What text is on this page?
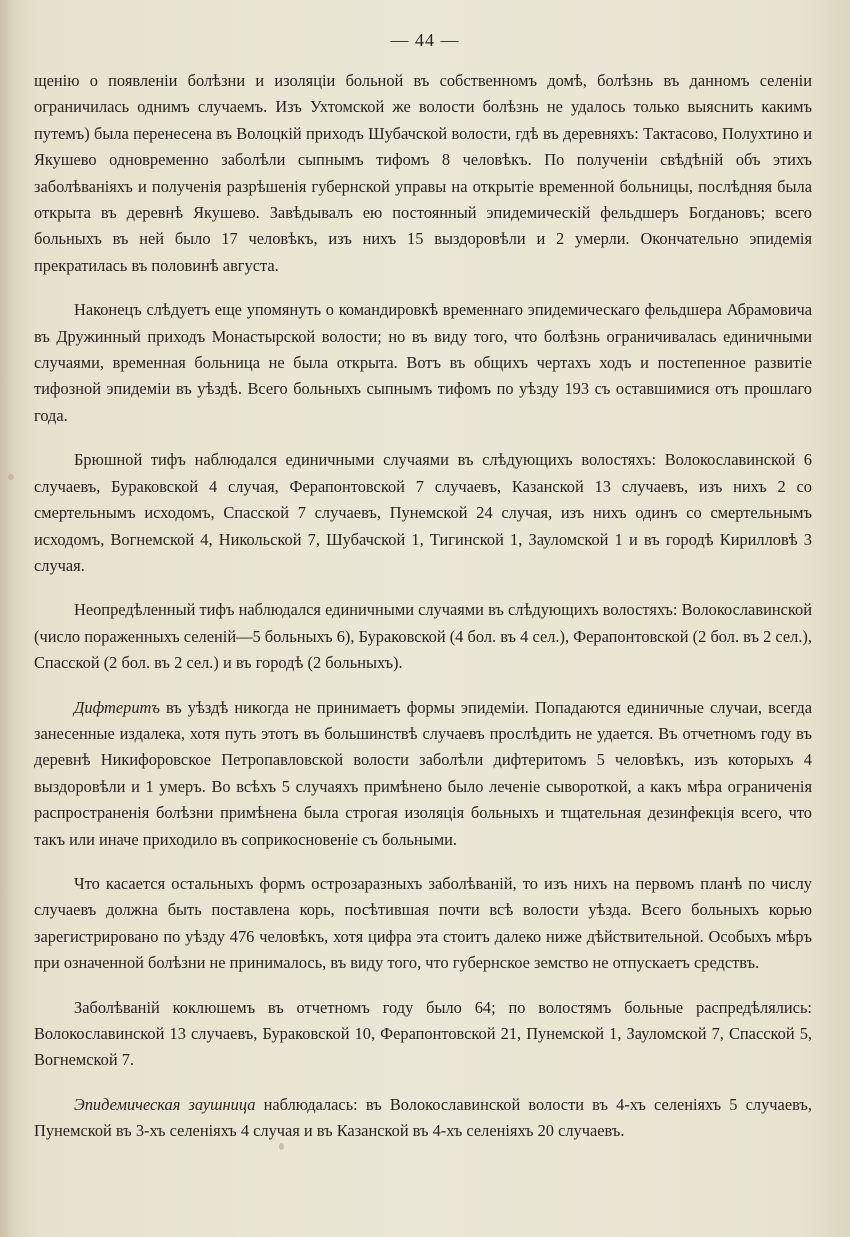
— 44 —

щенію о появленіи болѣзни и изоляціи больной въ собственномъ домѣ, болѣзнь въ данномъ селеніи ограничилась однимъ случаемъ. Изъ Ухтомской же волости болѣзнь не удалось только выяснить какимъ путемъ) была перенесена въ Волоцкій приходъ Шубачской волости, гдѣ въ деревняхъ: Тактасово, Полухтино и Якушево одновременно заболѣли сыпнымъ тифомъ 8 человѣкъ. По полученіи свѣдѣній объ этихъ заболѣваніяхъ и полученія разрѣшенія губернской управы на открытіе временной больницы, послѣдняя была открыта въ деревнѣ Якушево. Завѣдывалъ ею постоянный эпидемическій фельдшеръ Богдановъ; всего больныхъ въ ней было 17 человѣкъ, изъ нихъ 15 выздоровѣли и 2 умерли. Окончательно эпидемія прекратилась въ половинѣ августа.

Наконецъ слѣдуетъ еще упомянуть о командировкѣ временнаго эпидемическаго фельдшера Абрамовича въ Дружинный приходъ Монастырской волости; но въ виду того, что болѣзнь ограничивалась единичными случаями, временная больница не была открыта. Вотъ въ общихъ чертахъ ходъ и постепенное развитіе тифозной эпидеміи въ уѣздѣ. Всего больныхъ сыпнымъ тифомъ по уѣзду 193 съ оставшимися отъ прошлаго года.

Брюшной тифъ наблюдался единичными случаями въ слѣдующихъ волостяхъ: Волокославинской 6 случаевъ, Бураковской 4 случая, Ферапонтовской 7 случаевъ, Казанской 13 случаевъ, изъ нихъ 2 со смертельнымъ исходомъ, Спасской 7 случаевъ, Пунемской 24 случая, изъ нихъ одинъ со смертельнымъ исходомъ, Вогнемской 4, Никольской 7, Шубачской 1, Тигинской 1, Зауломской 1 и въ городѣ Кирилловѣ 3 случая.

Неопредѣленный тифъ наблюдался единичными случаями въ слѣдующихъ волостяхъ: Волокославинской (число пораженныхъ селеній—5 больныхъ 6), Бураковской (4 бол. въ 4 сел.), Ферапонтовской (2 бол. въ 2 сел.), Спасской (2 бол. въ 2 сел.) и въ городѣ (2 больныхъ).

Дифтеритъ въ уѣздѣ никогда не принимаетъ формы эпидеміи. Попадаются единичные случаи, всегда занесенные издалека, хотя путь этотъ въ большинствѣ случаевъ прослѣдить не удается. Въ отчетномъ году въ деревнѣ Никифоровское Петропавловской волости заболѣли дифтеритомъ 5 человѣкъ, изъ которыхъ 4 выздоровѣли и 1 умеръ. Во всѣхъ 5 случаяхъ примѣнено было леченіе сывороткой, а какъ мѣра ограниченія распространенія болѣзни примѣнена была строгая изоляція больныхъ и тщательная дезинфекція всего, что такъ или иначе приходило въ соприкосновеніе съ больными.

Что касается остальныхъ формъ острозаразныхъ заболѣваній, то изъ нихъ на первомъ планѣ по числу случаевъ должна быть поставлена корь, посѣтившая почти всѣ волости уѣзда. Всего больныхъ корью зарегистрировано по уѣзду 476 человѣкъ, хотя цифра эта стоитъ далеко ниже дѣйствительной. Особыхъ мѣръ при означенной болѣзни не принималось, въ виду того, что губернское земство не отпускаетъ средствъ.

Заболѣваній коклюшемъ въ отчетномъ году было 64; по волостямъ больные распредѣлялись: Волокославинской 13 случаевъ, Бураковской 10, Ферапонтовской 21, Пунемской 1, Зауломской 7, Спасской 5, Вогнемской 7.

Эпидемическая заушница наблюдалась: въ Волокославинской волости въ 4-хъ селеніяхъ 5 случаевъ, Пунемской въ 3-хъ селеніяхъ 4 случая и въ Казанской въ 4-хъ селеніяхъ 20 случаевъ.
